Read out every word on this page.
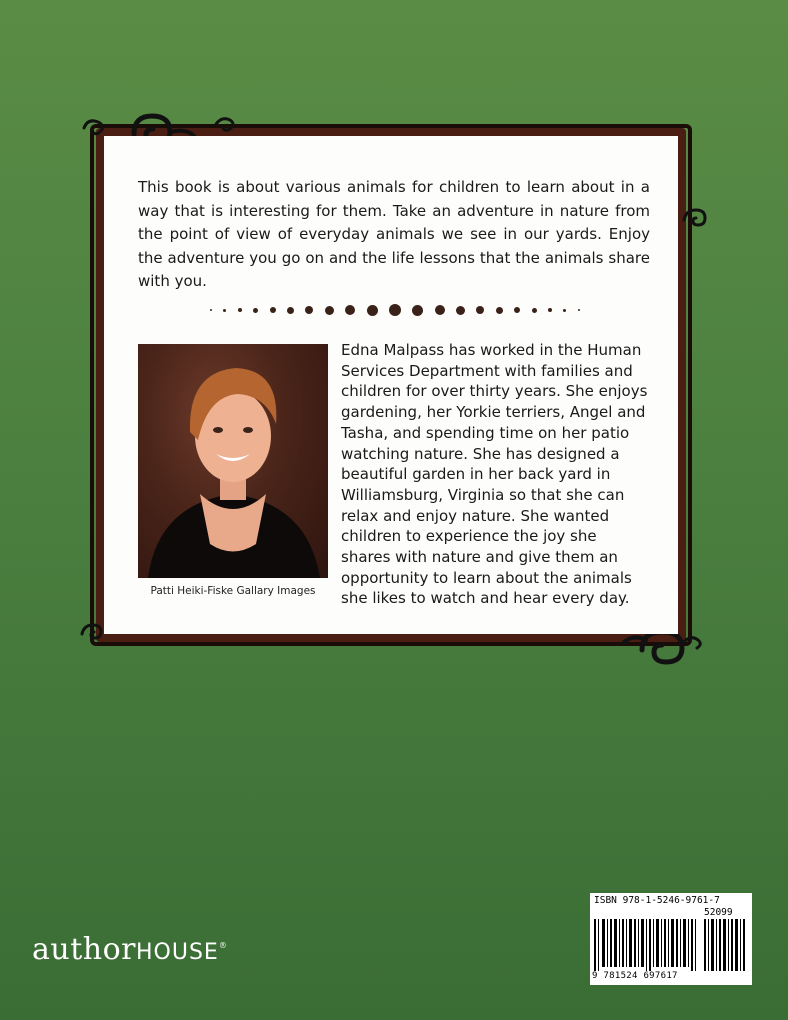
This book is about various animals for children to learn about in a way that is interesting for them. Take an adventure in nature from the point of view of everyday animals we see in our yards. Enjoy the adventure you go on and the life lessons that the animals share with you.

Patti Heiki-Fiske Gallary Images

Edna Malpass has worked in the Human Services Department with families and children for over thirty years. She enjoys gardening, her Yorkie terriers, Angel and Tasha, and spending time on her patio watching nature. She has designed a beautiful garden in her back yard in Williamsburg, Virginia so that she can relax and enjoy nature. She wanted children to experience the joy she shares with nature and give them an opportunity to learn about the animals she likes to watch and hear every day.

authorHOUSE®

ISBN 978-1-5246-9761-7

52099

9 781524 697617
